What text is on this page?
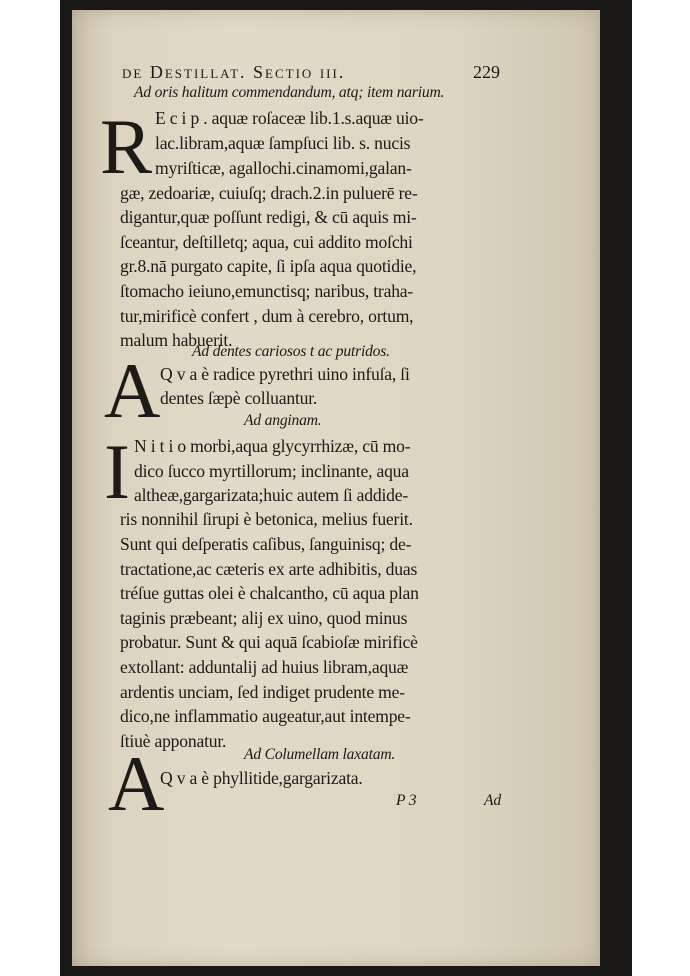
de Destillat. Sectio iii.	229
Ad oris halitum commendandum, atq; item narium.
R E c i p . aquæ roſaceæ lib.1.s.aquæ uio-
lac.libram,aquæ ſampſuci lib. s. nucis
myriſticæ, agallochi.cinamomi,galan-
gæ, zedoariæ, cuiuſq; drach.2.in puluerē re-
digantur,quæ poſſunt redigi, & cū aquis mi-
ſceantur, deſtilletq; aqua, cui addito moſchi
gr.8.nā purgato capite, ſi ipſa aqua quotidie,
ſtomacho ieiuno,emunctisq; naribus, traha-
tur,mirificè confert , dum à cerebro, ortum,
malum habuerit.
Ad dentes cariosos t ac putridos.
A Q v a è radice pyrethri uino infuſa, ſi
dentes ſæpè colluantur.
Ad anginam.
I N i t i o morbi,aqua glycyrrhizæ, cū mo-
dico ſucco myrtillorum; inclinante, aqua
altheæ,gargarizata;huic autem ſi addide-
ris nonnihil ſirupi è betonica, melius fuerit.
Sunt qui deſperatis caſibus, ſanguinisq; de-
tractatione,ac cæteris ex arte adhibitis, duas
tréſue guttas olei è chalcantho, cū aqua plan
taginis præbeant; alij ex uino, quod minus
probatur. Sunt & qui aquā ſcabioſæ mirificè
extollant: adduntalij ad huius libram,aquæ
ardentis unciam, ſed indiget prudente me-
dico,ne inflammatio augeatur,aut intempe-
ſtiuè apponatur.
Ad Columellam laxatam.
A
Q v a è phyllitide,gargarizata.
P 3	Ad
